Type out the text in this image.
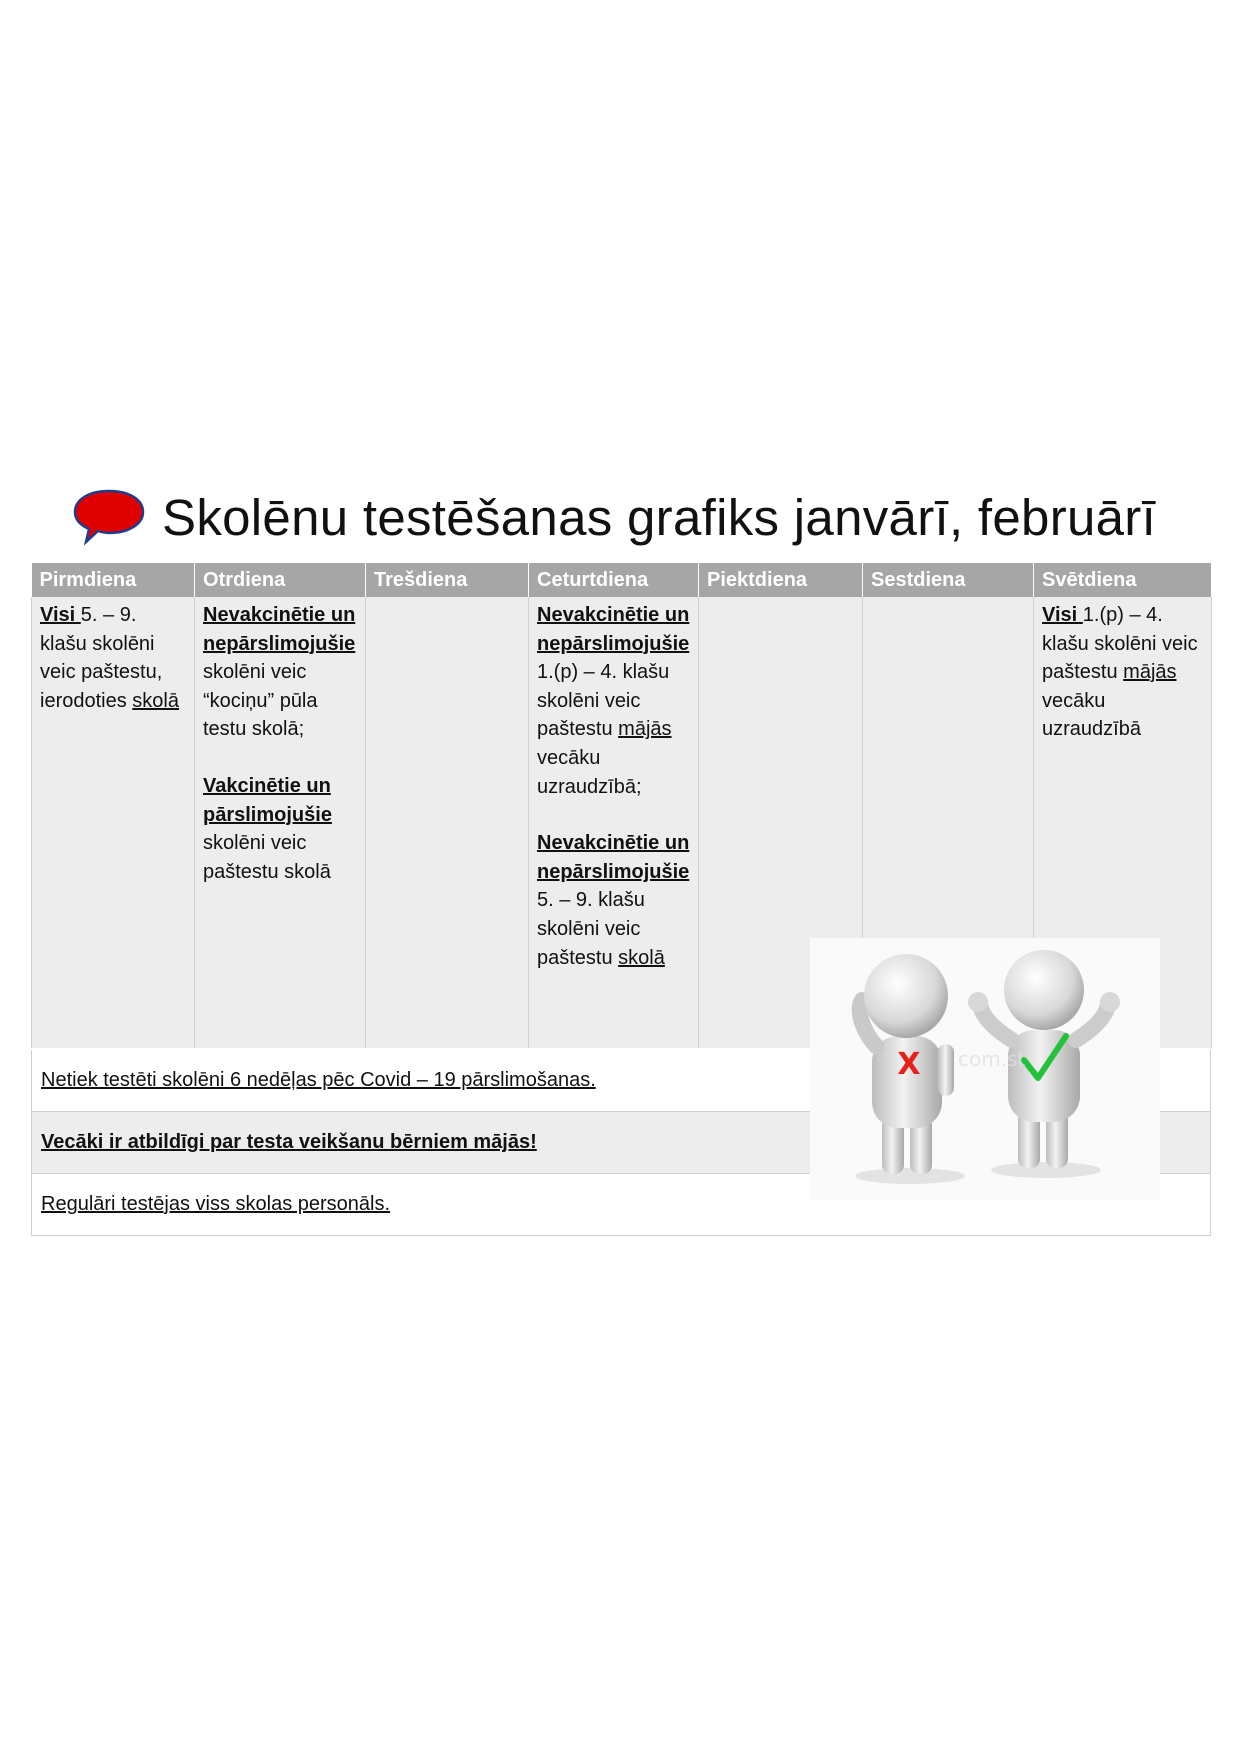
Skolēnu testēšanas grafiks janvārī, februārī
Pirmdiena	Otrdiena	Trešdiena	Ceturtdiena	Piektdiena	Sestdiena	Svētdiena
Visi 5. – 9. klašu skolēni veic paštestu, ierodoties skolā	Nevakcinētie un nepārslimojušie skolēni veic “kociņu” pūla testu skolā;
Vakcinētie un pārslimojušie skolēni veic paštestu skolā		Nevakcinētie un nepārslimojušie 1.(p) – 4. klašu skolēni veic paštestu mājās vecāku uzraudzībā;
Nevakcinētie un nepārslimojušie 5. – 9. klašu skolēni veic paštestu skolā			Visi 1.(p) – 4. klašu skolēni veic paštestu mājās vecāku uzraudzībā
Netiek testēti skolēni 6 nedēļas pēc Covid – 19 pārslimošanas.
Vecāki ir atbildīgi par testa veikšanu bērniem mājās!
Regulāri testējas viss skolas personāls.
X com.st
